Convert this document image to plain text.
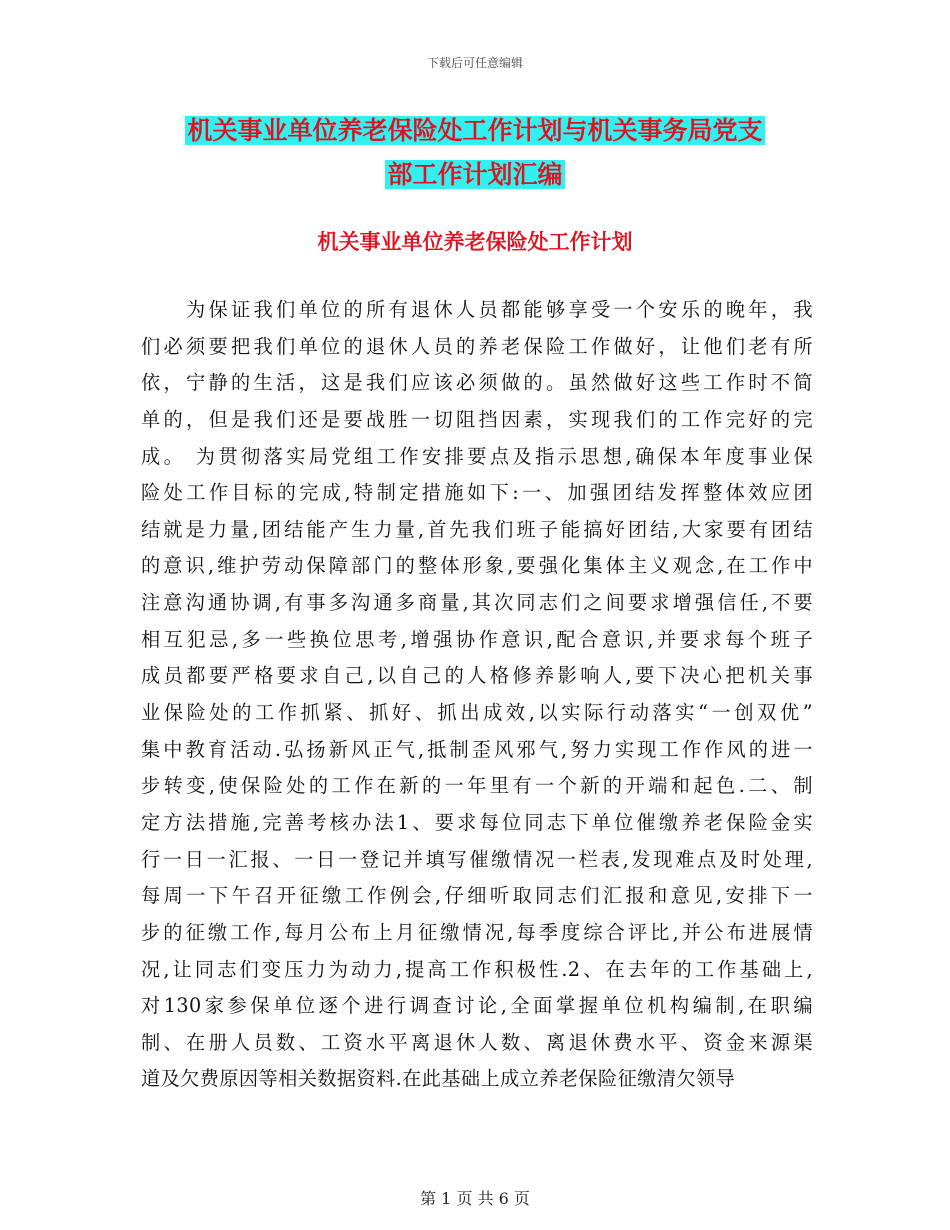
下载后可任意编辑
机关事业单位养老保险处工作计划与机关事务局党支
部工作计划汇编
机关事业单位养老保险处工作计划
　　为保证我们单位的所有退休人员都能够享受一个安乐的晚年，我
们必须要把我们单位的退休人员的养老保险工作做好，让他们老有所
依，宁静的生活，这是我们应该必须做的。虽然做好这些工作时不简
单的，但是我们还是要战胜一切阻挡因素，实现我们的工作完好的完
成。 为贯彻落实局党组工作安排要点及指示思想,确保本年度事业保
险处工作目标的完成,特制定措施如下:一、加强团结发挥整体效应团
结就是力量,团结能产生力量,首先我们班子能搞好团结,大家要有团结
的意识,维护劳动保障部门的整体形象,要强化集体主义观念,在工作中
注意沟通协调,有事多沟通多商量,其次同志们之间要求增强信任,不要
相互犯忌,多一些换位思考,增强协作意识,配合意识,并要求每个班子
成员都要严格要求自己,以自己的人格修养影响人,要下决心把机关事
业保险处的工作抓紧、抓好、抓出成效,以实际行动落实“一创双优”
集中教育活动.弘扬新风正气,抵制歪风邪气,努力实现工作作风的进一
步转变,使保险处的工作在新的一年里有一个新的开端和起色.二、制
定方法措施,完善考核办法1、要求每位同志下单位催缴养老保险金实
行一日一汇报、一日一登记并填写催缴情况一栏表,发现难点及时处理,
每周一下午召开征缴工作例会,仔细听取同志们汇报和意见,安排下一
步的征缴工作,每月公布上月征缴情况,每季度综合评比,并公布进展情
况,让同志们变压力为动力,提高工作积极性.2、在去年的工作基础上,
对130家参保单位逐个进行调查讨论,全面掌握单位机构编制,在职编
制、在册人员数、工资水平离退休人数、离退休费水平、资金来源渠
道及欠费原因等相关数据资料.在此基础上成立养老保险征缴清欠领导
第 1 页 共 6 页
